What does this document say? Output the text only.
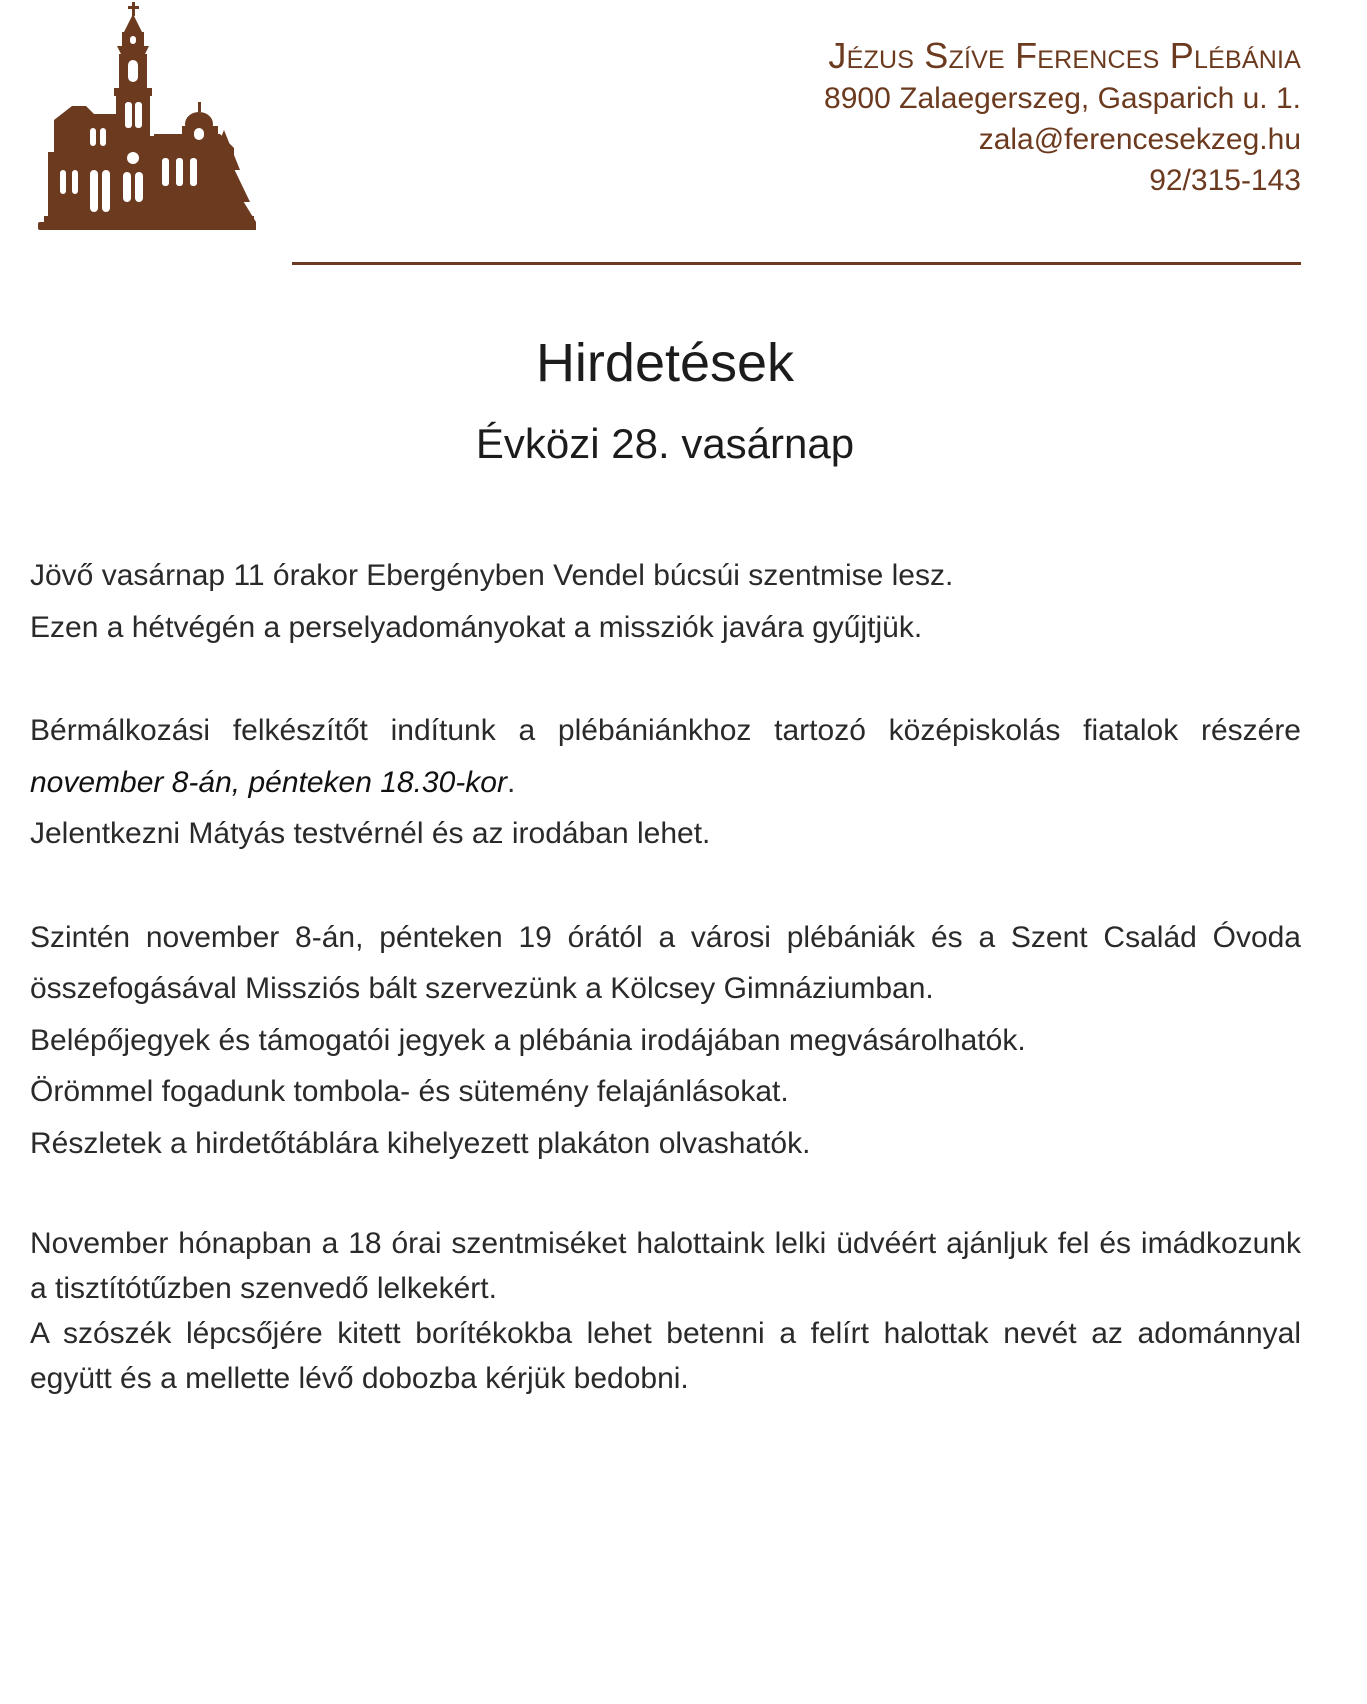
Jézus Szíve Ferences Plébánia
8900 Zalaegerszeg, Gasparich u. 1.
zala@ferencesekzeg.hu
92/315-143
Hirdetések
Évközi 28. vasárnap

Jövő vasárnap 11 órakor Ebergényben Vendel búcsúi szentmise lesz.

Ezen a hétvégén a perselyadományokat a missziók javára gyűjtjük.

Bérmálkozási felkészítőt indítunk a plébániánkhoz tartozó középiskolás fiatalok részére

november 8-án, pénteken 18.30-kor.

Jelentkezni Mátyás testvérnél és az irodában lehet.

Szintén november 8-án, pénteken 19 órától a városi plébániák és a Szent Család Óvoda

összefogásával Missziós bált szervezünk a Kölcsey Gimnáziumban.

Belépőjegyek és támogatói jegyek a plébánia irodájában megvásárolhatók.

Örömmel fogadunk tombola- és sütemény felajánlásokat.

Részletek a hirdetőtáblára kihelyezett plakáton olvashatók.

November hónapban a 18 órai szentmiséket halottaink lelki üdvéért ajánljuk fel és imádkozunk a tisztítótűzben szenvedő lelkekért.

A szószék lépcsőjére kitett borítékokba lehet betenni a felírt halottak nevét az adománnyal együtt és a mellette lévő dobozba kérjük bedobni.
